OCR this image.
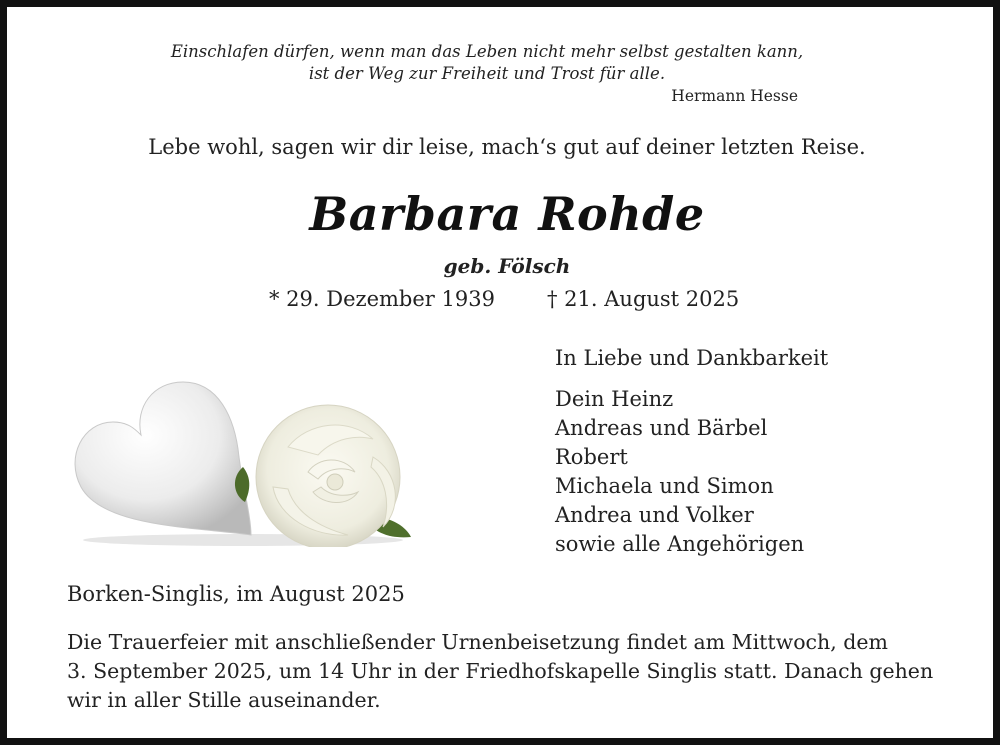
Einschlafen dürfen, wenn man das Leben nicht mehr selbst gestalten kann,
ist der Weg zur Freiheit und Trost für alle.
Hermann Hesse
Lebe wohl, sagen wir dir leise, mach‘s gut auf deiner letzten Reise.
Barbara Rohde
geb. Fölsch
* 29. Dezember 1939 † 21. August 2025
In Liebe und Dankbarkeit
Dein Heinz
Andreas und Bärbel
Robert
Michaela und Simon
Andrea und Volker
sowie alle Angehörigen
Borken-Singlis, im August 2025
Die Trauerfeier mit anschließender Urnenbeisetzung findet am Mittwoch, dem
3. September 2025, um 14 Uhr in der Friedhofskapelle Singlis statt. Danach gehen
wir in aller Stille auseinander.
